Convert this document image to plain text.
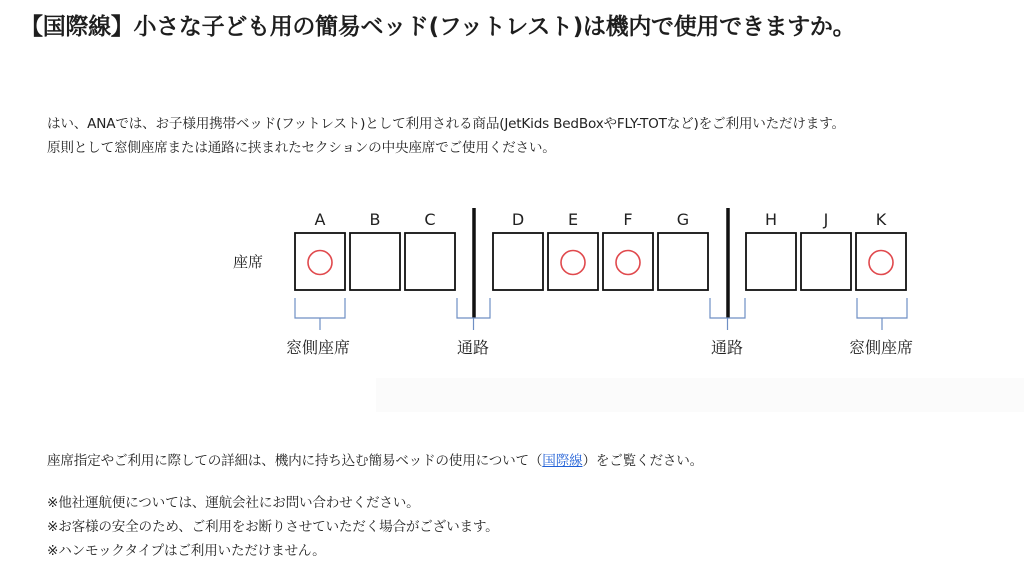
【国際線】小さな子ども用の簡易ベッド(フットレスト)は機内で使用できますか。
はい、ANAでは、お子様用携帯ベッド(フットレスト)として利用される商品(JetKids BedBoxやFLY-TOTなど)をご利用いただけます。
原則として窓側座席または通路に挟まれたセクションの中央座席でご使用ください。
座席
A	B	C	D	E	F	G	H	J	K
窓側座席	通路	通路	窓側座席
座席指定やご利用に際しての詳細は、機内に持ち込む簡易ベッドの使用について（国際線）をご覧ください。
※他社運航便については、運航会社にお問い合わせください。
※お客様の安全のため、ご利用をお断りさせていただく場合がございます。
※ハンモックタイプはご利用いただけません。
